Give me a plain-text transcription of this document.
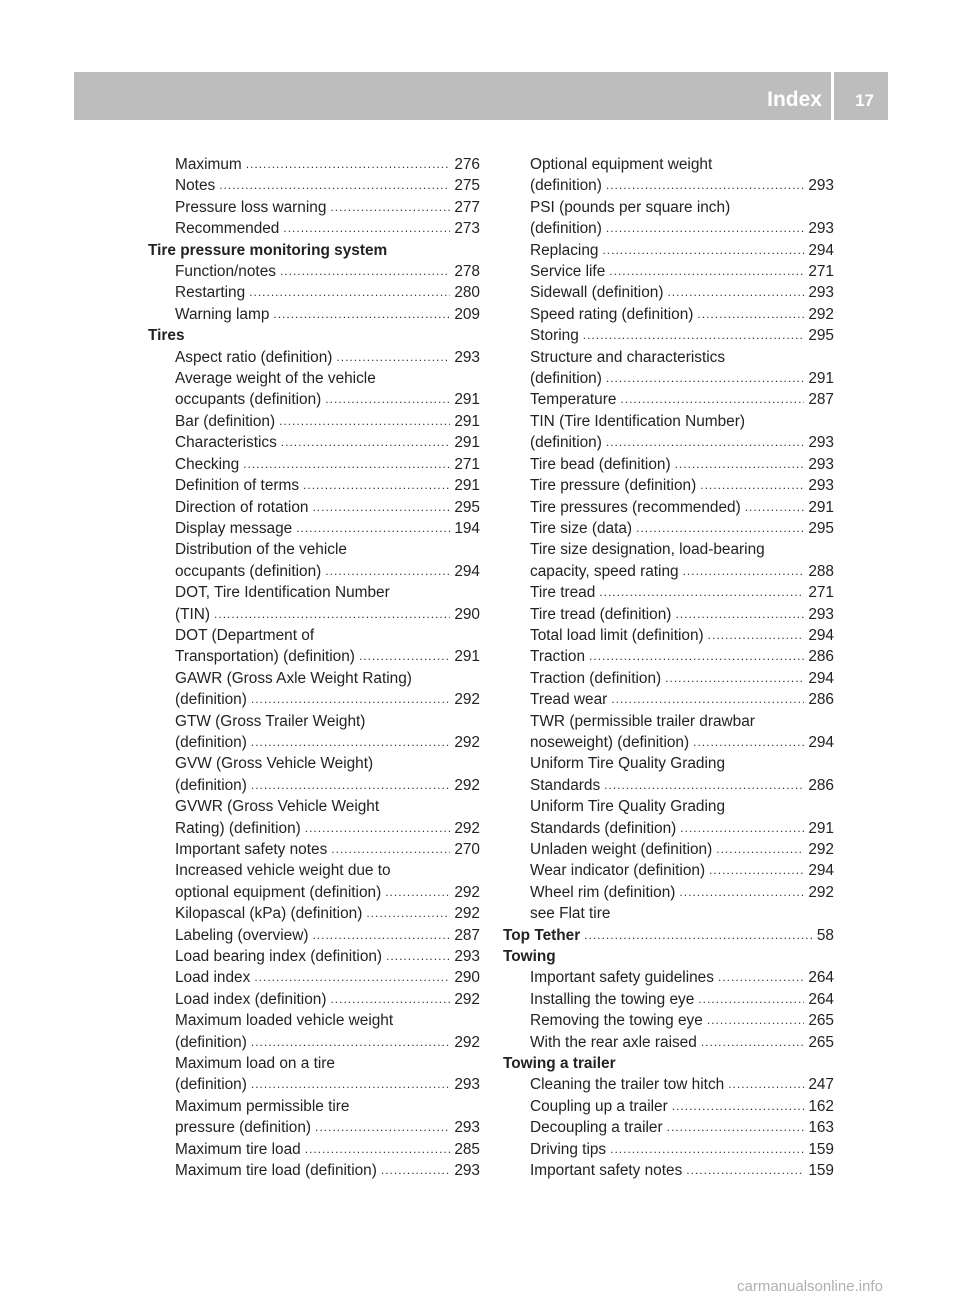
Index 17
Maximum .....	276
Notes .....	275
Pressure loss warning .....	277
Recommended .....	273
Tire pressure monitoring system
Function/notes .....	278
Restarting .....	280
Warning lamp .....	209
Tires
Aspect ratio (definition) .....	293
Average weight of the vehicle
occupants (definition) .....	291
Bar (definition) .....	291
Characteristics .....	291
Checking .....	271
Definition of terms .....	291
Direction of rotation .....	295
Display message .....	194
Distribution of the vehicle
occupants (definition) .....	294
DOT, Tire Identification Number
(TIN) .....	290
DOT (Department of
Transportation) (definition) .....	291
GAWR (Gross Axle Weight Rating)
(definition) .....	292
GTW (Gross Trailer Weight)
(definition) .....	292
GVW (Gross Vehicle Weight)
(definition) .....	292
GVWR (Gross Vehicle Weight
Rating) (definition) .....	292
Important safety notes .....	270
Increased vehicle weight due to
optional equipment (definition) .....	292
Kilopascal (kPa) (definition) .....	292
Labeling (overview) .....	287
Load bearing index (definition) .....	293
Load index .....	290
Load index (definition) .....	292
Maximum loaded vehicle weight
(definition) .....	292
Maximum load on a tire
(definition) .....	293
Maximum permissible tire
pressure (definition) .....	293
Maximum tire load .....	285
Maximum tire load (definition) .....	293
Optional equipment weight
(definition) .....	293
PSI (pounds per square inch)
(definition) .....	293
Replacing .....	294
Service life .....	271
Sidewall (definition) .....	293
Speed rating (definition) .....	292
Storing .....	295
Structure and characteristics
(definition) .....	291
Temperature .....	287
TIN (Tire Identification Number)
(definition) .....	293
Tire bead (definition) .....	293
Tire pressure (definition) .....	293
Tire pressures (recommended) .....	291
Tire size (data) .....	295
Tire size designation, load-bearing
capacity, speed rating .....	288
Tire tread .....	271
Tire tread (definition) .....	293
Total load limit (definition) .....	294
Traction .....	286
Traction (definition) .....	294
Tread wear .....	286
TWR (permissible trailer drawbar
noseweight) (definition) .....	294
Uniform Tire Quality Grading
Standards .....	286
Uniform Tire Quality Grading
Standards (definition) .....	291
Unladen weight (definition) .....	292
Wear indicator (definition) .....	294
Wheel rim (definition) .....	292
see Flat tire
Top Tether .....	58
Towing
Important safety guidelines .....	264
Installing the towing eye .....	264
Removing the towing eye .....	265
With the rear axle raised .....	265
Towing a trailer
Cleaning the trailer tow hitch .....	247
Coupling up a trailer .....	162
Decoupling a trailer .....	163
Driving tips .....	159
Important safety notes .....	159
carmanualsonline.info
